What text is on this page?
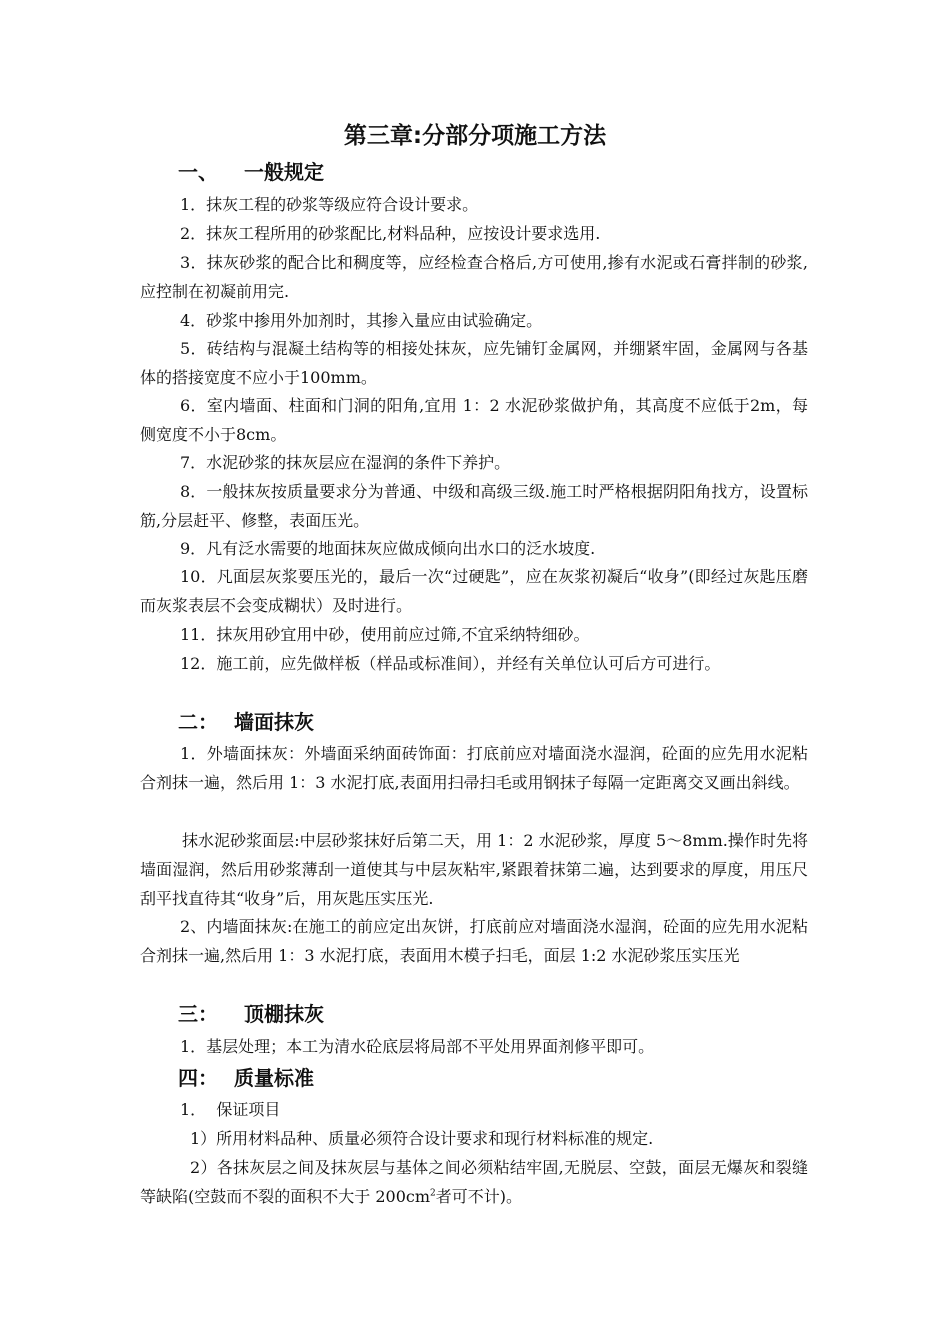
第三章:分部分项施工方法
一、 一般规定
1．抹灰工程的砂浆等级应符合设计要求。
2．抹灰工程所用的砂浆配比,材料品种，应按设计要求选用.
3．抹灰砂浆的配合比和稠度等，应经检查合格后,方可使用,掺有水泥或石膏拌制的砂浆,应控制在初凝前用完.
4．砂浆中掺用外加剂时，其掺入量应由试验确定。
5．砖结构与混凝土结构等的相接处抹灰，应先铺钉金属网，并绷紧牢固，金属网与各基体的搭接宽度不应小于100mm。
6．室内墙面、柱面和门洞的阳角,宜用 1：2 水泥砂浆做护角，其高度不应低于2m，每侧宽度不小于8cm。
7．水泥砂浆的抹灰层应在湿润的条件下养护。
8．一般抹灰按质量要求分为普通、中级和高级三级.施工时严格根据阴阳角找方，设置标筋,分层赶平、修整，表面压光。
9．凡有泛水需要的地面抹灰应做成倾向出水口的泛水坡度.
10．凡面层灰浆要压光的，最后一次“过硬匙”，应在灰浆初凝后“收身”(即经过灰匙压磨而灰浆表层不会变成糊状）及时进行。
11．抹灰用砂宜用中砂，使用前应过筛,不宜采纳特细砂。
12．施工前，应先做样板（样品或标准间），并经有关单位认可后方可进行。
二： 墙面抹灰
1．外墙面抹灰：外墙面采纳面砖饰面：打底前应对墙面浇水湿润，砼面的应先用水泥粘合剂抹一遍，然后用 1：3 水泥打底,表面用扫帚扫毛或用钢抹子每隔一定距离交叉画出斜线。
抹水泥砂浆面层:中层砂浆抹好后第二天，用 1：2 水泥砂浆，厚度 5～8mm.操作时先将墙面湿润，然后用砂浆薄刮一道使其与中层灰粘牢,紧跟着抹第二遍，达到要求的厚度，用压尺刮平找直待其“收身”后，用灰匙压实压光.
2、内墙面抹灰:在施工的前应定出灰饼，打底前应对墙面浇水湿润，砼面的应先用水泥粘合剂抹一遍,然后用 1：3 水泥打底，表面用木模子扫毛，面层 1:2 水泥砂浆压实压光
三： 顶棚抹灰
1．基层处理；本工为清水砼底层将局部不平处用界面剂修平即可。
四： 质量标准
1．  保证项目
1）所用材料品种、质量必须符合设计要求和现行材料标准的规定.
2）各抹灰层之间及抹灰层与基体之间必须粘结牢固,无脱层、空鼓，面层无爆灰和裂缝等缺陷(空鼓而不裂的面积不大于 $200cm^2$者可不计)。
